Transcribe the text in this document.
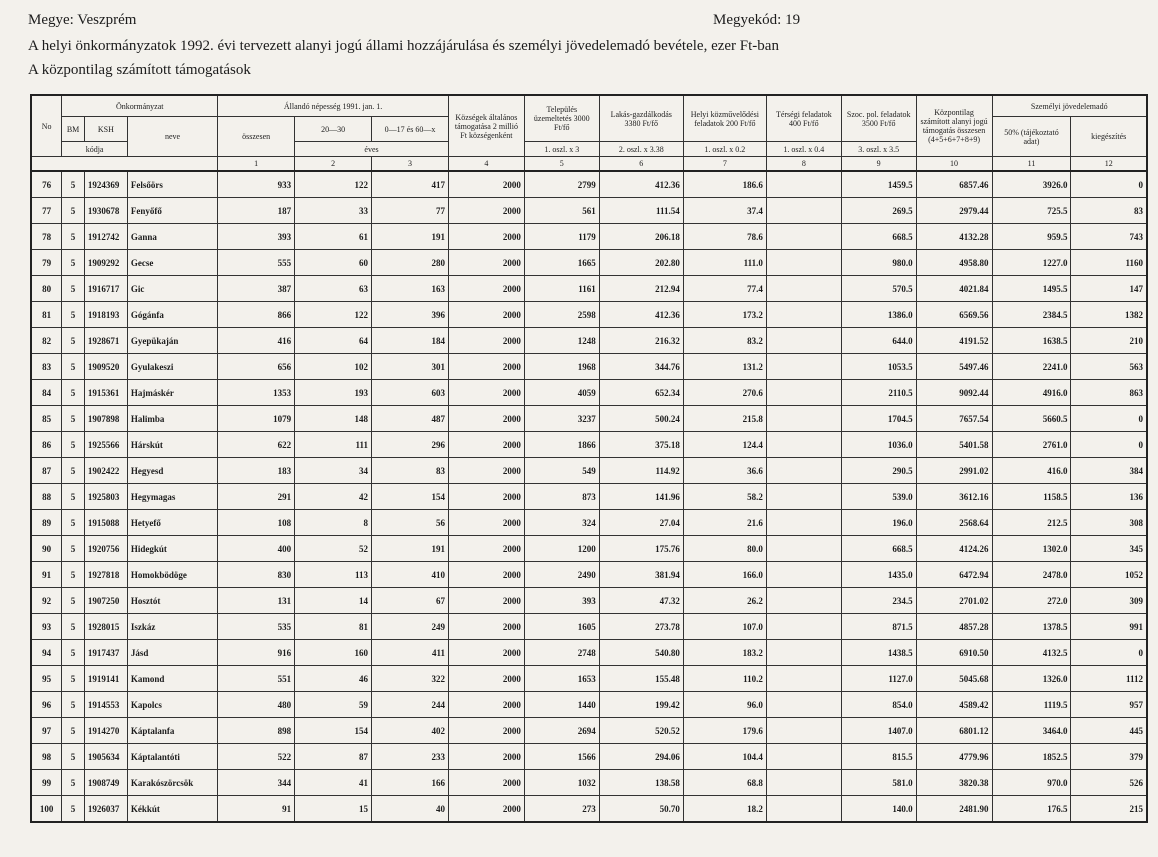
Megye: Veszprém	Megyekód: 19
A helyi önkormányzatok 1992. évi tervezett alanyi jogú állami hozzájárulása és személyi jövedelemadó bevétele, ezer Ft-ban
A központilag számított támogatások
No	Önkormányzat			Állandó népesség 1991. jan. 1.			Községek általános támogatása 2 millió Ft községenként	Település üzemeltetés 3000 Ft/fő	Lakás-gazdálkodás 3380 Ft/fő	Helyi közművelődési feladatok 200 Ft/fő	Térségi feladatok 400 Ft/fő	Szoc. pol. feladatok 3500 Ft/fő	Központilag számított alanyi jogú támogatás összesen (4+5+6+7+8+9)	Személyi jövedelemadó	
	BM	KSH	neve	összesen	20—30	0—17 és 60—x								50% (tájékoztató adat)	kiegészítés
	kódja				éves			1. oszl. x 3	2. oszl. x 3.38	1. oszl. x 0.2	1. oszl. x 0.4	3. oszl. x 3.5			
				1	2	3	4	5	6	7	8	9	10	11	12
76	5	1924369	Felsőörs	933	122	417	2000	2799	412.36	186.6		1459.5	6857.46	3926.0	0
77	5	1930678	Fenyőfő	187	33	77	2000	561	111.54	37.4		269.5	2979.44	725.5	83
78	5	1912742	Ganna	393	61	191	2000	1179	206.18	78.6		668.5	4132.28	959.5	743
79	5	1909292	Gecse	555	60	280	2000	1665	202.80	111.0		980.0	4958.80	1227.0	1160
80	5	1916717	Gic	387	63	163	2000	1161	212.94	77.4		570.5	4021.84	1495.5	147
81	5	1918193	Gógánfa	866	122	396	2000	2598	412.36	173.2		1386.0	6569.56	2384.5	1382
82	5	1928671	Gyepükaján	416	64	184	2000	1248	216.32	83.2		644.0	4191.52	1638.5	210
83	5	1909520	Gyulakeszi	656	102	301	2000	1968	344.76	131.2		1053.5	5497.46	2241.0	563
84	5	1915361	Hajmáskér	1353	193	603	2000	4059	652.34	270.6		2110.5	9092.44	4916.0	863
85	5	1907898	Halimba	1079	148	487	2000	3237	500.24	215.8		1704.5	7657.54	5660.5	0
86	5	1925566	Hárskút	622	111	296	2000	1866	375.18	124.4		1036.0	5401.58	2761.0	0
87	5	1902422	Hegyesd	183	34	83	2000	549	114.92	36.6		290.5	2991.02	416.0	384
88	5	1925803	Hegymagas	291	42	154	2000	873	141.96	58.2		539.0	3612.16	1158.5	136
89	5	1915088	Hetyefő	108	8	56	2000	324	27.04	21.6		196.0	2568.64	212.5	308
90	5	1920756	Hidegkút	400	52	191	2000	1200	175.76	80.0		668.5	4124.26	1302.0	345
91	5	1927818	Homokbödöge	830	113	410	2000	2490	381.94	166.0		1435.0	6472.94	2478.0	1052
92	5	1907250	Hosztót	131	14	67	2000	393	47.32	26.2		234.5	2701.02	272.0	309
93	5	1928015	Iszkáz	535	81	249	2000	1605	273.78	107.0		871.5	4857.28	1378.5	991
94	5	1917437	Jásd	916	160	411	2000	2748	540.80	183.2		1438.5	6910.50	4132.5	0
95	5	1919141	Kamond	551	46	322	2000	1653	155.48	110.2		1127.0	5045.68	1326.0	1112
96	5	1914553	Kapolcs	480	59	244	2000	1440	199.42	96.0		854.0	4589.42	1119.5	957
97	5	1914270	Káptalanfa	898	154	402	2000	2694	520.52	179.6		1407.0	6801.12	3464.0	445
98	5	1905634	Káptalantóti	522	87	233	2000	1566	294.06	104.4		815.5	4779.96	1852.5	379
99	5	1908749	Karakószörcsök	344	41	166	2000	1032	138.58	68.8		581.0	3820.38	970.0	526
100	5	1926037	Kékkút	91	15	40	2000	273	50.70	18.2		140.0	2481.90	176.5	215
